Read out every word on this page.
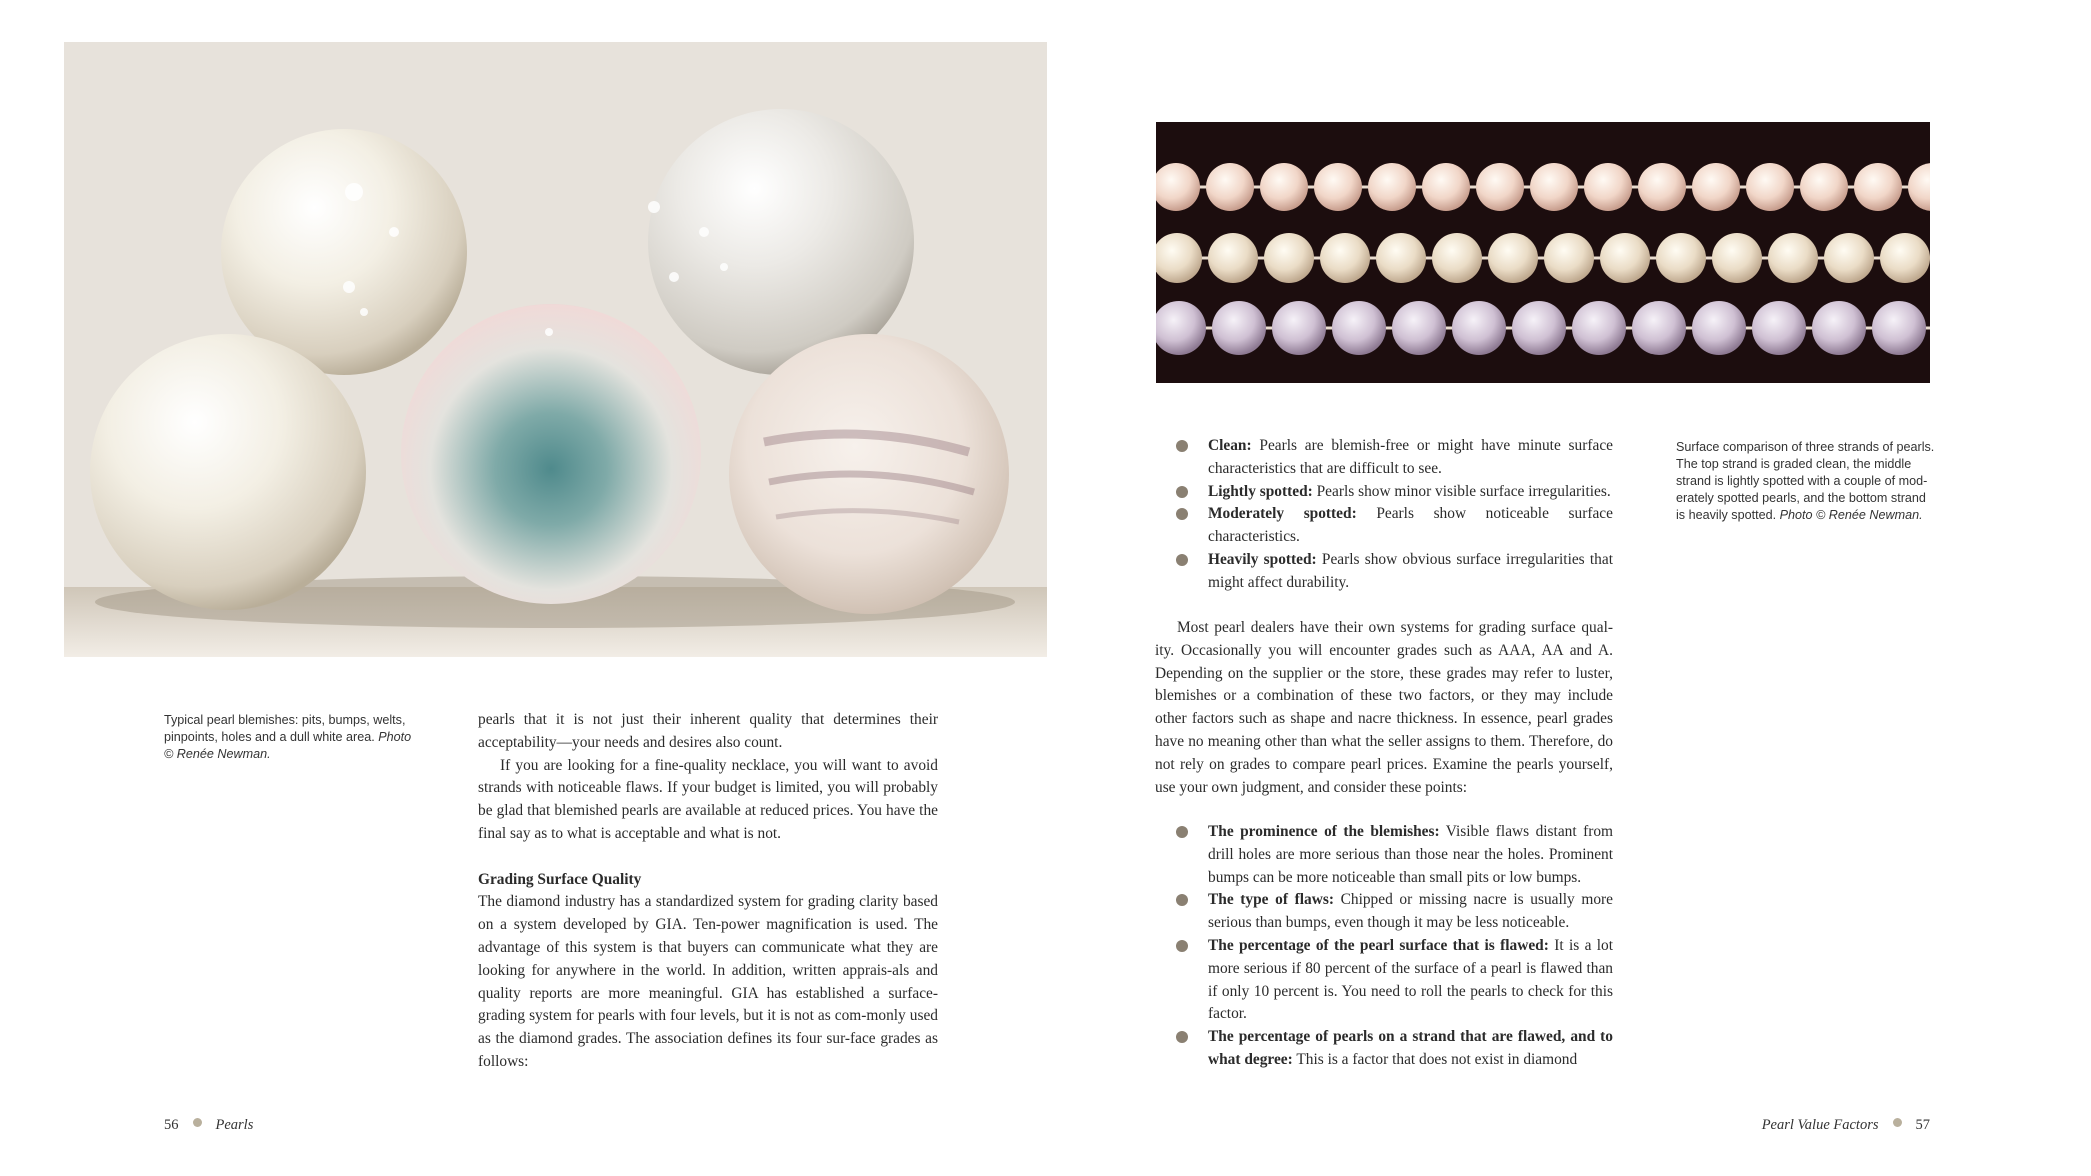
Typical pearl blemishes: pits, bumps, welts, pinpoints, holes and a dull white area. Photo © Renée Newman.

pearls that it is not just their inherent quality that determines their acceptability—your needs and desires also count.

If you are looking for a fine-quality necklace, you will want to avoid strands with noticeable flaws. If your budget is limited, you will probably be glad that blemished pearls are available at reduced prices. You have the final say as to what is acceptable and what is not.

Grading Surface Quality

The diamond industry has a standardized system for grading clarity based on a system developed by GIA. Ten-power magnification is used. The advantage of this system is that buyers can communicate what they are looking for anywhere in the world. In addition, written apprais-als and quality reports are more meaningful. GIA has established a surface-grading system for pearls with four levels, but it is not as com-monly used as the diamond grades. The association defines its four sur-face grades as follows:

56	Pearls
Surface comparison of three strands of pearls. The top strand is graded clean, the middle strand is lightly spotted with a couple of mod-erately spotted pearls, and the bottom strand is heavily spotted. Photo © Renée Newman.
Clean: Pearls are blemish-free or might have minute surface characteristics that are difficult to see.
Lightly spotted: Pearls show minor visible surface irregularities.
Moderately spotted: Pearls show noticeable surface characteristics.
Heavily spotted: Pearls show obvious surface irregularities that might affect durability.

Most pearl dealers have their own systems for grading surface qual-ity. Occasionally you will encounter grades such as AAA, AA and A. Depending on the supplier or the store, these grades may refer to luster, blemishes or a combination of these two factors, or they may include other factors such as shape and nacre thickness. In essence, pearl grades have no meaning other than what the seller assigns to them. Therefore, do not rely on grades to compare pearl prices. Examine the pearls yourself, use your own judgment, and consider these points:

The prominence of the blemishes: Visible flaws distant from drill holes are more serious than those near the holes. Prominent bumps can be more noticeable than small pits or low bumps.
The type of flaws: Chipped or missing nacre is usually more serious than bumps, even though it may be less noticeable.
The percentage of the pearl surface that is flawed: It is a lot more serious if 80 percent of the surface of a pearl is flawed than if only 10 percent is. You need to roll the pearls to check for this factor.
The percentage of pearls on a strand that are flawed, and to what degree: This is a factor that does not exist in diamond
Pearl Value Factors	57
